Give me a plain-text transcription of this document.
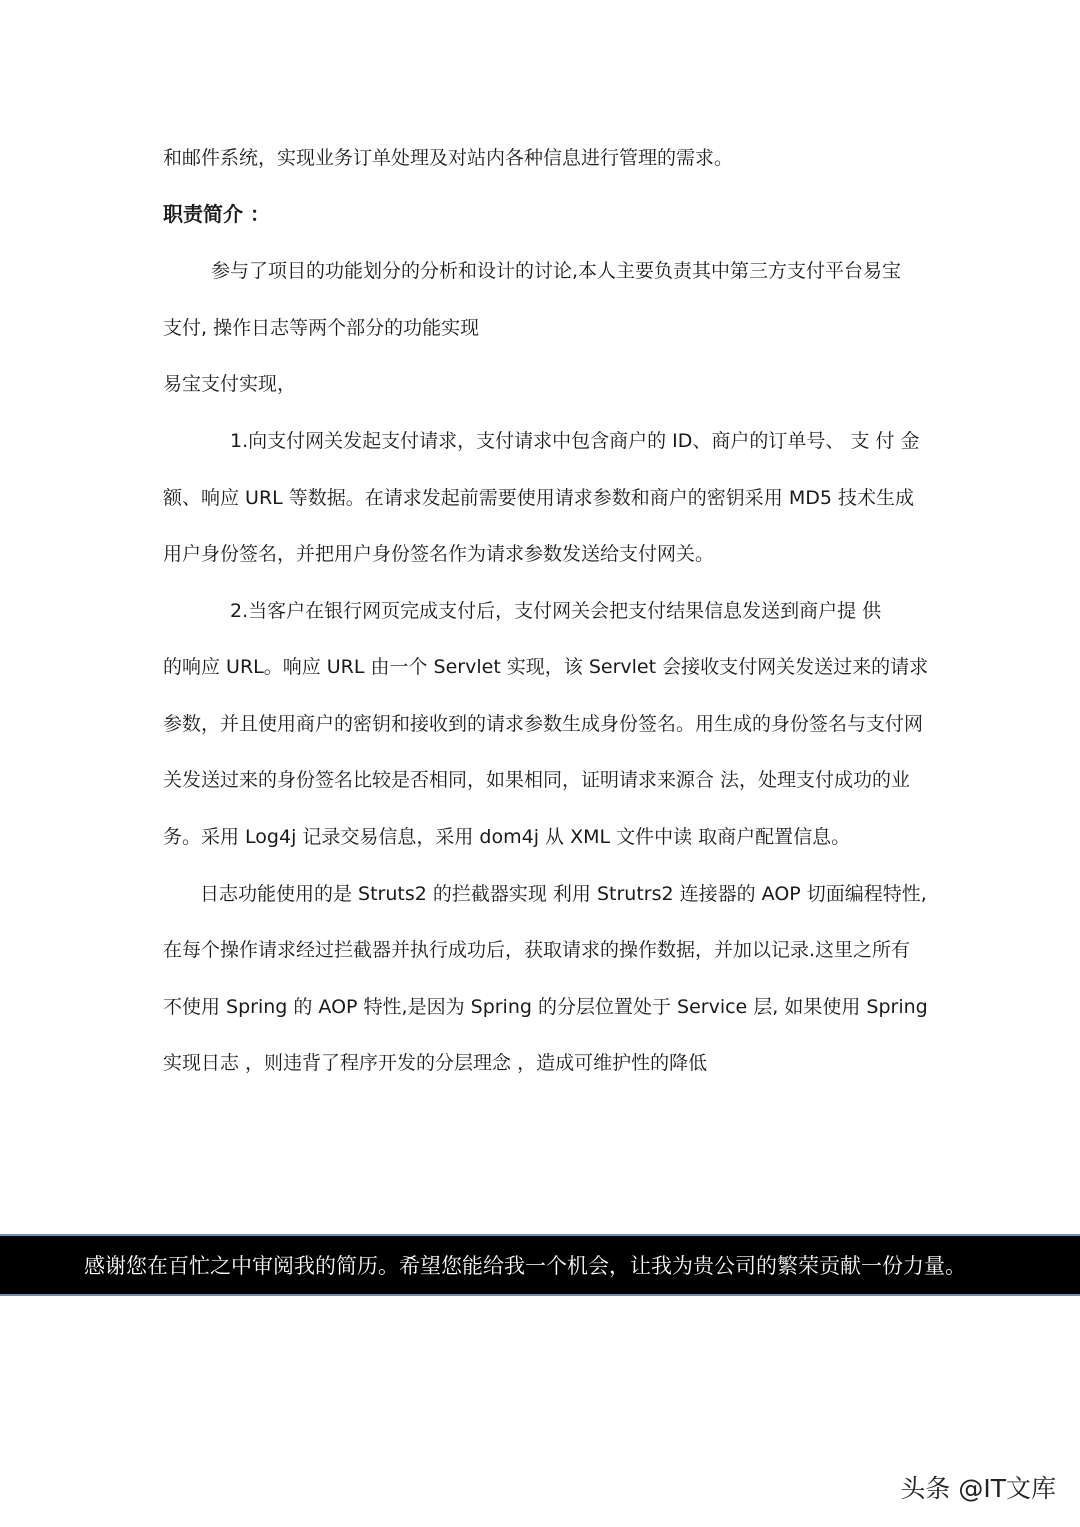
和邮件系统，实现业务订单处理及对站内各种信息进行管理的需求。
职责简介 ：
参与了项目的功能划分的分析和设计的讨论,本人主要负责其中第三方支付平台易宝
支付, 操作日志等两个部分的功能实现
易宝支付实现，
1.向支付网关发起支付请求，支付请求中包含商户的 ID、商户的订单号、 支 付 金
额、响应 URL 等数据。在请求发起前需要使用请求参数和商户的密钥采用 MD5 技术生成
用户身份签名，并把用户身份签名作为请求参数发送给支付网关。
2.当客户在银行网页完成支付后，支付网关会把支付结果信息发送到商户提 供
的响应 URL。响应 URL 由一个 Servlet 实现，该 Servlet 会接收支付网关发送过来的请求
参数，并且使用商户的密钥和接收到的请求参数生成身份签名。用生成的身份签名与支付网
关发送过来的身份签名比较是否相同，如果相同，证明请求来源合 法，处理支付成功的业
务。采用 Log4j 记录交易信息，采用 dom4j 从 XML 文件中读 取商户配置信息。
日志功能使用的是 Struts2 的拦截器实现 利用 Strutrs2 连接器的 AOP 切面编程特性,
在每个操作请求经过拦截器并执行成功后，获取请求的操作数据，并加以记录.这里之所有
不使用 Spring 的 AOP 特性,是因为 Spring 的分层位置处于 Service 层, 如果使用 Spring
实现日志 ，则违背了程序开发的分层理念 ，造成可维护性的降低
感谢您在百忙之中审阅我的简历。希望您能给我一个机会，让我为贵公司的繁荣贡献一份力量。
头条 @IT文库
